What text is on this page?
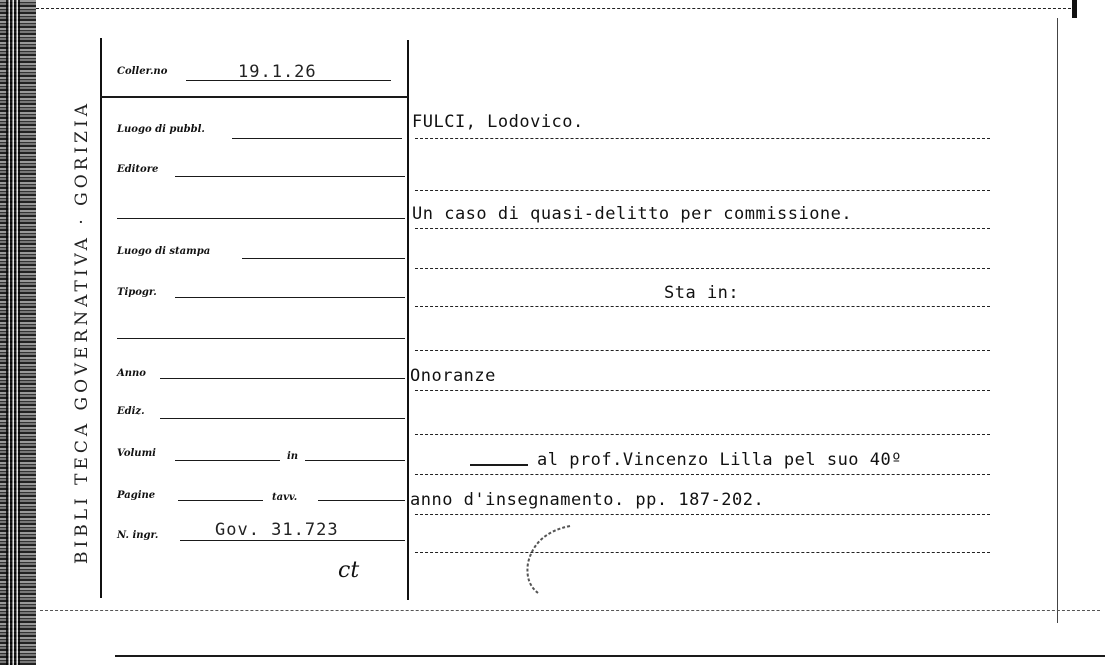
BIBLI TECA GOVERNATIVA · GORIZIA
Coller.no	19.1.26
Luogo di pubbl.
Editore
Luogo di stampa
Tipogr.
Anno
Ediz.
Volumi	in
Pagine	tavv.
N. ingr.	Gov. 31.723
ct
FULCI, Lodovico.
Un caso di quasi-delitto per commissione.
Sta in:
Onoranze
al prof.Vincenzo Lilla pel suo 40º
anno d'insegnamento. pp. 187-202.
